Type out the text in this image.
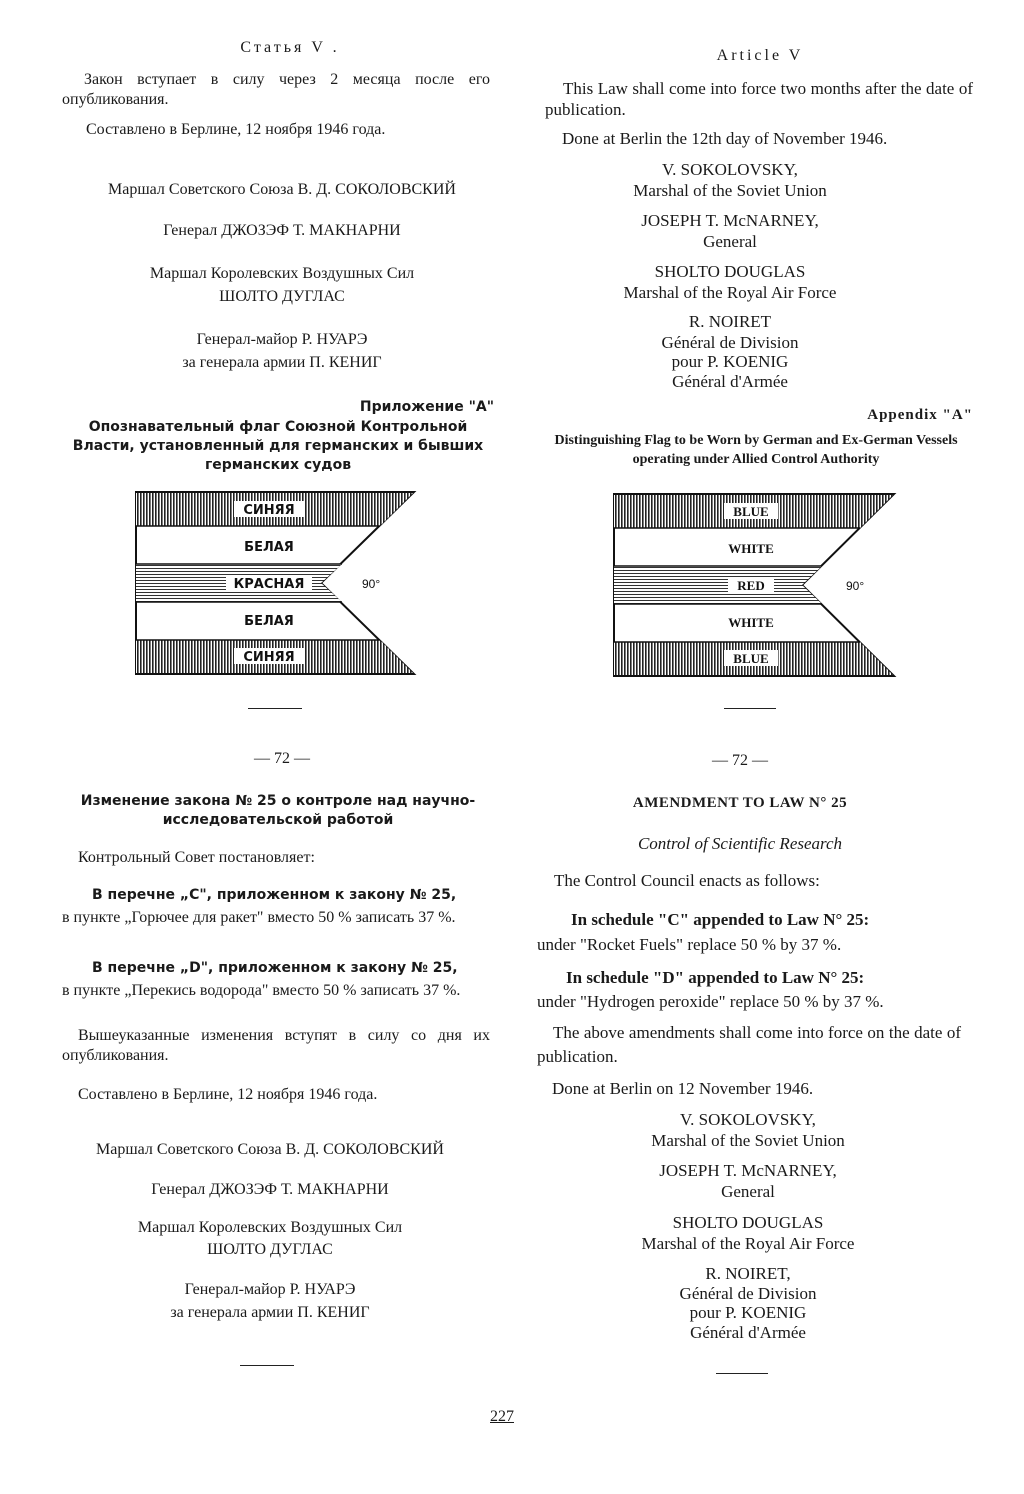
Статья V .
Закон вступает в силу через 2 месяца после его опубликования.
Составлено в Берлине, 12 ноября 1946 года.
Маршал Советского Союза В. Д. СОКОЛОВСКИЙ
Генерал ДЖОЗЭФ Т. МАКНАРНИ
Маршал Королевских Воздушных Сил
ШОЛТО ДУГЛАС
Генерал-майор Р. НУАРЭ
за генерала армии П. КЕНИГ
Приложение "А"
Опознавательный флаг Союзной Контрольной Власти, установленный для германских и бывших германских судов
СИНЯЯ
БЕЛАЯ
КРАСНАЯ
БЕЛАЯ
СИНЯЯ
90°
Article V
This Law shall come into force two months after the date of publication.
Done at Berlin the 12th day of November 1946.
V. SOKOLOVSKY,
Marshal of the Soviet Union
JOSEPH T. McNARNEY,
General
SHOLTO DOUGLAS
Marshal of the Royal Air Force
R. NOIRET
Général de Division
pour P. KOENIG
Général d'Armée
Appendix "A"
Distinguishing Flag to be Worn by German and Ex-German Vessels operating under Allied Control Authority
BLUE
WHITE
RED
WHITE
BLUE
90°
— 72 —
Изменение закона № 25 о контроле над научно-исследовательской работой
Контрольный Совет постановляет:
В перечне „С", приложенном к закону № 25,
в пункте „Горючее для ракет" вместо 50 % записать 37 %.
В перечне „D", приложенном к закону № 25,
в пункте „Перекись водорода" вместо 50 % записать 37 %.
Вышеуказанные изменения вступят в силу со дня их опубликования.
Составлено в Берлине, 12 ноября 1946 года.
Маршал Советского Союза В. Д. СОКОЛОВСКИЙ
Генерал ДЖОЗЭФ Т. МАКНАРНИ
Маршал Королевских Воздушных Сил
ШОЛТО ДУГЛАС
Генерал-майор Р. НУАРЭ
за генерала армии П. КЕНИГ
— 72 —
AMENDMENT TO LAW N° 25
Control of Scientific Research
The Control Council enacts as follows:
In schedule "C" appended to Law N° 25:
under "Rocket Fuels" replace 50 % by 37 %.
In schedule "D" appended to Law N° 25:
under "Hydrogen peroxide" replace 50 % by 37 %.
The above amendments shall come into force on the date of publication.
Done at Berlin on 12 November 1946.
V. SOKOLOVSKY,
Marshal of the Soviet Union
JOSEPH T. McNARNEY,
General
SHOLTO DOUGLAS
Marshal of the Royal Air Force
R. NOIRET,
Général de Division
pour P. KOENIG
Général d'Armée
227
